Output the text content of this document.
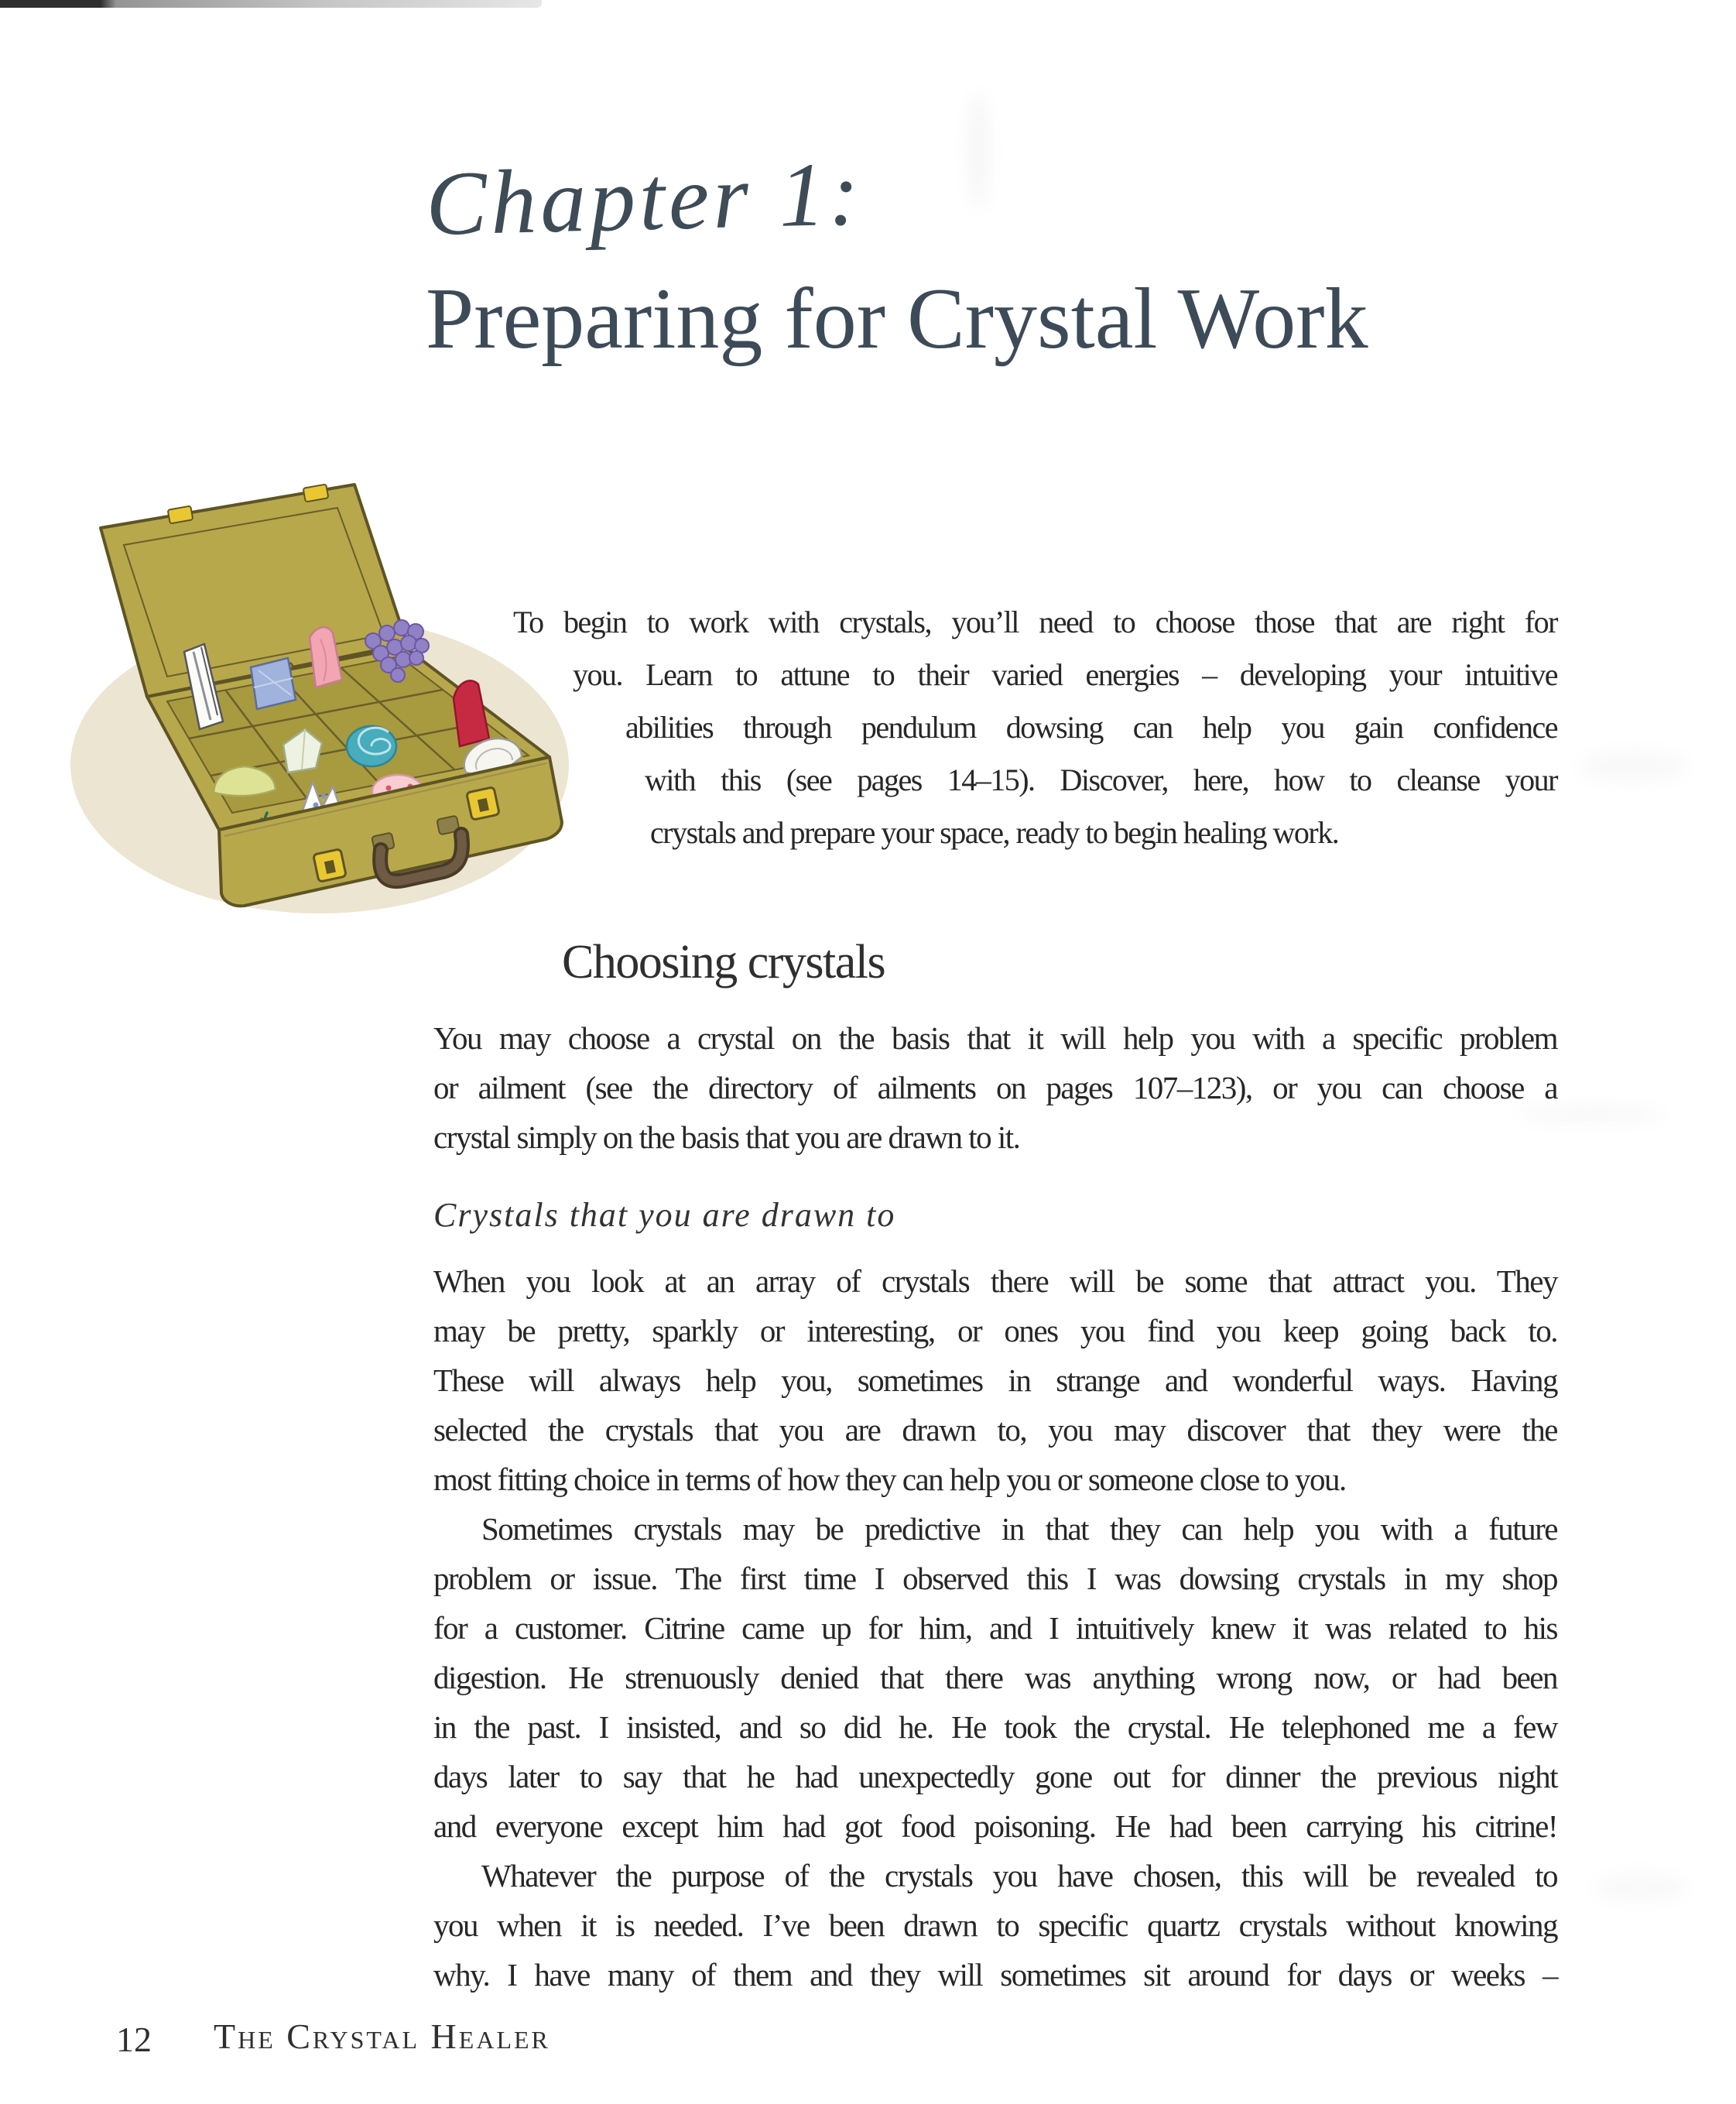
Chapter 1:
Preparing for Crystal Work
To begin to work with crystals, you’ll need to choose those that are right for
you. Learn to attune to their varied energies – developing your intuitive
abilities through pendulum dowsing can help you gain confidence
with this (see pages 14–15). Discover, here, how to cleanse your
crystals and prepare your space, ready to begin healing work.
Choosing crystals
You may choose a crystal on the basis that it will help you with a specific problem
or ailment (see the directory of ailments on pages 107–123), or you can choose a
crystal simply on the basis that you are drawn to it.
Crystals that you are drawn to
When you look at an array of crystals there will be some that attract you. They
may be pretty, sparkly or interesting, or ones you find you keep going back to.
These will always help you, sometimes in strange and wonderful ways. Having
selected the crystals that you are drawn to, you may discover that they were the
most fitting choice in terms of how they can help you or someone close to you.
Sometimes crystals may be predictive in that they can help you with a future
problem or issue. The first time I observed this I was dowsing crystals in my shop
for a customer. Citrine came up for him, and I intuitively knew it was related to his
digestion. He strenuously denied that there was anything wrong now, or had been
in the past. I insisted, and so did he. He took the crystal. He telephoned me a few
days later to say that he had unexpectedly gone out for dinner the previous night
and everyone except him had got food poisoning. He had been carrying his citrine!
Whatever the purpose of the crystals you have chosen, this will be revealed to
you when it is needed. I’ve been drawn to specific quartz crystals without knowing
why. I have many of them and they will sometimes sit around for days or weeks –
12 The Crystal Healer
